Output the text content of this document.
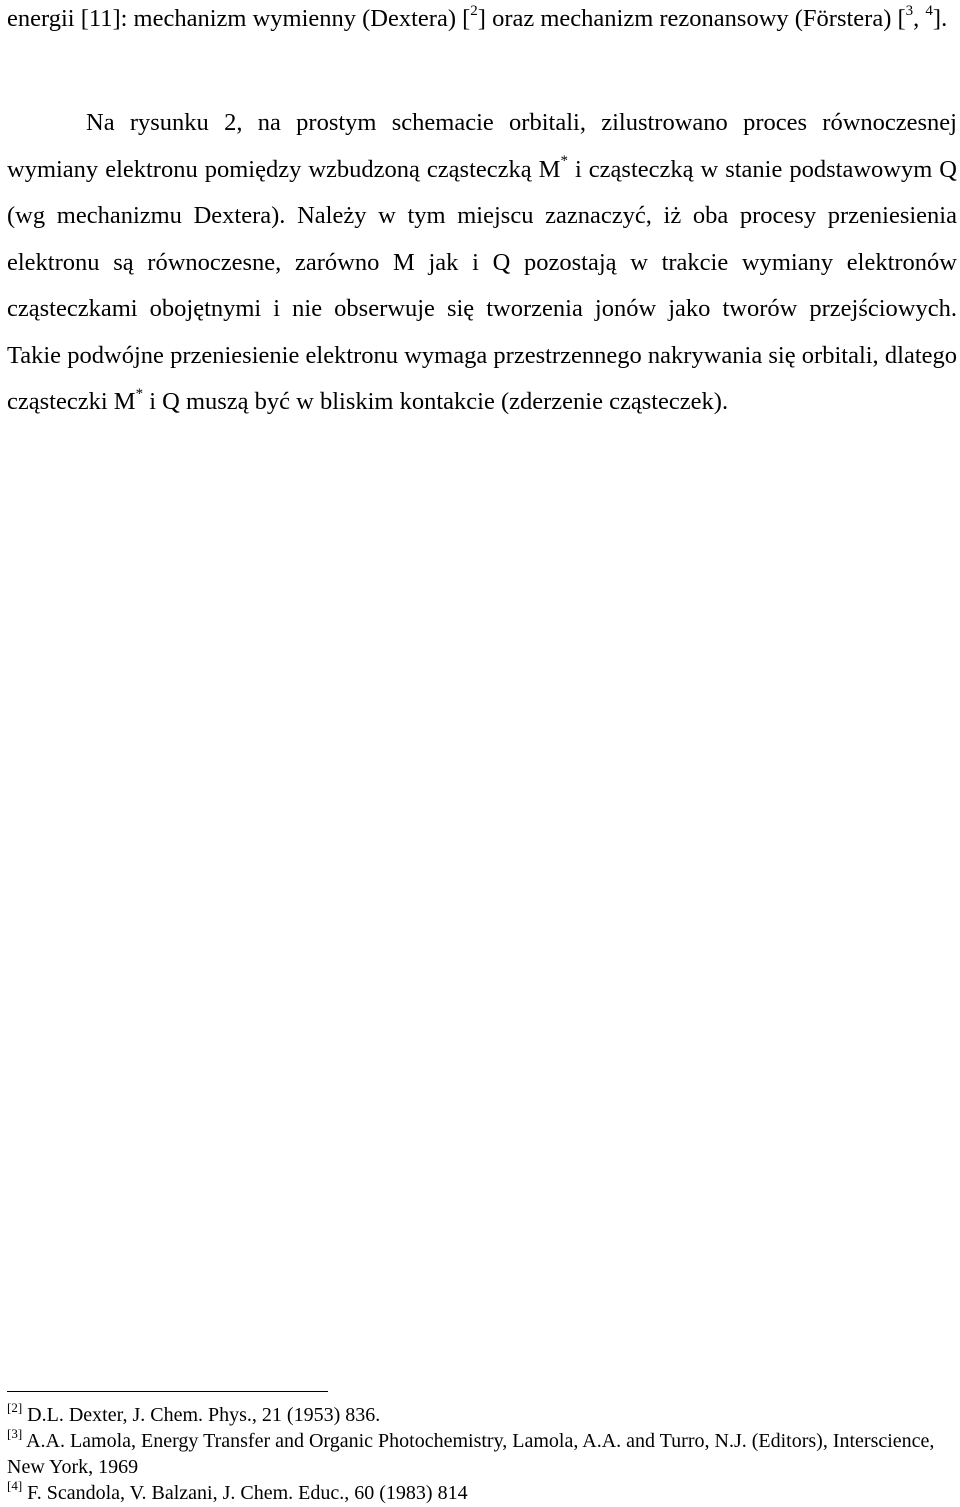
energii [11]: mechanizm wymienny (Dextera) [$^2$] oraz mechanizm rezonansowy (Förstera) [$^3$, $^4$].

Na rysunku 2, na prostym schemacie orbitali, zilustrowano proces równoczesnej wymiany elektronu pomiędzy wzbudzoną cząsteczką M* i cząsteczką w stanie podstawowym Q (wg mechanizmu Dextera). Należy w tym miejscu zaznaczyć, iż oba procesy przeniesienia elektronu są równoczesne, zarówno M jak i Q pozostają w trakcie wymiany elektronów cząsteczkami obojętnymi i nie obserwuje się tworzenia jonów jako tworów przejściowych. Takie podwójne przeniesienie elektronu wymaga przestrzennego nakrywania się orbitali, dlatego cząsteczki M* i Q muszą być w bliskim kontakcie (zderzenie cząsteczek).

[2] D.L. Dexter, J. Chem. Phys., 21 (1953) 836.

[3] A.A. Lamola, Energy Transfer and Organic Photochemistry, Lamola, A.A. and Turro, N.J. (Editors), Interscience, New York, 1969

[4] F. Scandola, V. Balzani, J. Chem. Educ., 60 (1983) 814
